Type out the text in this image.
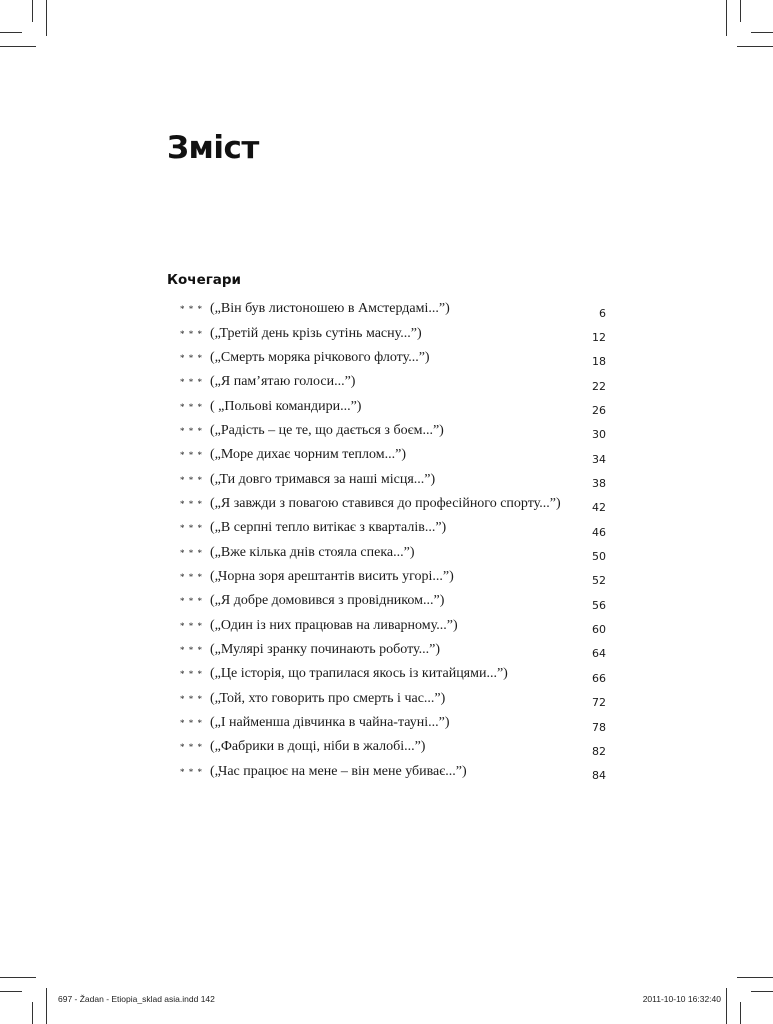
Зміст
Кочегари
* * * („Він був листоношею в Амстердамі...”)	6
* * * („Третій день крізь сутінь масну...”)	12
* * * („Смерть моряка річкового флоту...”)	18
* * * („Я пам’ятаю голоси...”)	22
* * * ( „Польові командири...”)	26
* * * („Радість – це те, що дається з боєм...”)	30
* * * („Море дихає чорним теплом...”)	34
* * * („Ти довго тримався за наші місця...”)	38
* * * („Я завжди з повагою ставився до професійного спорту...”)	42
* * * („В серпні тепло витікає з кварталів...”)	46
* * * („Вже кілька днів стояла спека...”)	50
* * * („Чорна зоря арештантів висить угорі...”)	52
* * * („Я добре домовився з провідником...”)	56
* * * („Один із них працював на ливарному...”)	60
* * * („Мулярі зранку починають роботу...”)	64
* * * („Це історія, що трапилася якось із китайцями...”)	66
* * * („Той, хто говорить про смерть і час...”)	72
* * * („І найменша дівчинка в чайна-тауні...”)	78
* * * („Фабрики в дощі, ніби в жалобі...”)	82
* * * („Час працює на мене – він мене убиває...”)	84
697 - Žadan - Etiopia_sklad asia.indd 142	2011-10-10 16:32:40
